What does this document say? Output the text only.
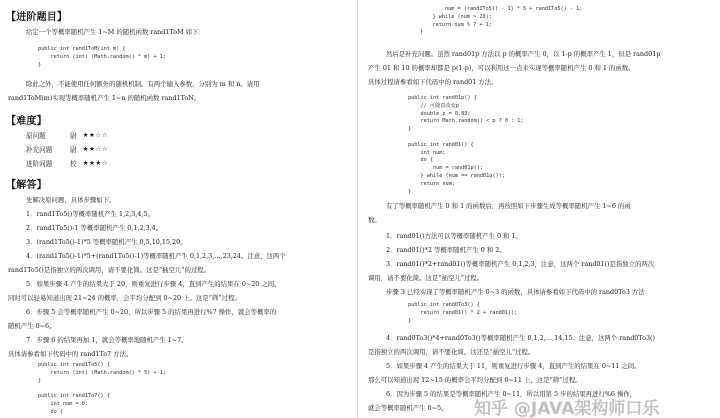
【进阶题目】
给定一个等概率随机产生 1~M 的随机函数 rand1ToM 如下：
public int rand1ToM(int m) {
return (int) (Math.random() * m) + 1;
}
除此之外，不能使用任何额外的随机机制。有两个输入参数，分别为 m 和 n。请用
rand1ToM(m)实现等概率随机产生 1~n 的随机函数 rand1ToN。
【难度】
原问题	尉 ★★☆☆
补充问题	尉 ★★☆☆
进阶问题	校 ★★★☆
【解答】
先解决原问题，具体步骤如下。
1．rand1To5()等概率随机产生 1,2,3,4,5。
2．rand1To5()-1 等概率随机产生 0,1,2,3,4。
3．(rand1To5()-1)*5 等概率随机产生 0,5,10,15,20。
4．(rand1To5()-1)*5+(rand1To5()-1)等概率随机产生 0,1,2,3,…,23,24。注意，这两个
rand1To5()是指独立的两次调用，请不要化简。这是“插空儿”的过程。
5．如果步骤 4 产生的结果大于 20，则重复进行步骤 4，直到产生的结果在 0~20 之间。
同时可以轻易知道出现 21~24 的概率，会平均分配到 0~20 上。这是“筛”过程。
6．步骤 5 会等概率随机产生 0~20，所以步骤 5 的结果再进行%7 操作，就会等概率的
随机产生 0~6。
7．步骤 6 的结果再加 1，就会等概率地随机产生 1~7。
具体请参看如下代码中的 rand1To7 方法。
public int rand1To5() {
return (int) (Math.random() * 5) + 1;
}

public int rand1To7() {
int num = 0;
do {
num = (rand1To5() - 1) * 5 + rand1To5() - 1;
} while (num > 20);
return num % 7 + 1;
}
然后是补充问题。虽然 rand01p 方法以 p 的概率产生 0，以 1-p 的概率产生 1，但是 rand01p
产生 01 和 10 的概率却都是 p(1-p)，可以利用这一点来实现等概率随机产生 0 和 1 的函数。
具体过程请参看如下代码中的 rand01 方法。
public int rand01p() {
// 可随意改变p
double p = 0.83;
return Math.random() < p ? 0 : 1;
}

public int rand01() {
int num;
do {
num = rand01p();
} while (num == rand01p());
return num;
}
有了等概率随机产生 0 和 1 的函数后，再按照如下步骤生成等概率随机产生 1~6 的函
数。
1．rand01()方法可以等概率随机产生 0 和 1。
2．rand01()*2 等概率随机产生 0 和 2。
3．rand01()*2+rand01()等概率随机产生 0,1,2,3，注意，这两个 rand01()是指独立的两次
调用，请不要化简。这是“插空儿”过程。
步骤 3 已经实现了等概率随机产生 0~3 的函数，具体请参看如下代码中的 rand0To3 方法：
public int rand0To3() {
return rand01() * 2 + rand01();
}
4．rand0To3()*4+rand0To3()等概率随机产生 0,1,2,…,14,15。注意，这两个 rand0To3()
是指独立的两次调用，请不要化简。这还是“插空儿”过程。
5．如果步骤 4 产生的结果大于 11，则重复进行步骤 4，直到产生的结果在 0~11 之间。
那么可以知道出现 12~15 的概率会平均分配到 0~11 上，这是“筛”过程。
6．因为步骤 5 的结果是等概率随机产生 0~11，所以用第 5 步的结果再进行%6 操作，
就会等概率随机产生 0~5。 知乎 @JAVA架构师口乐
